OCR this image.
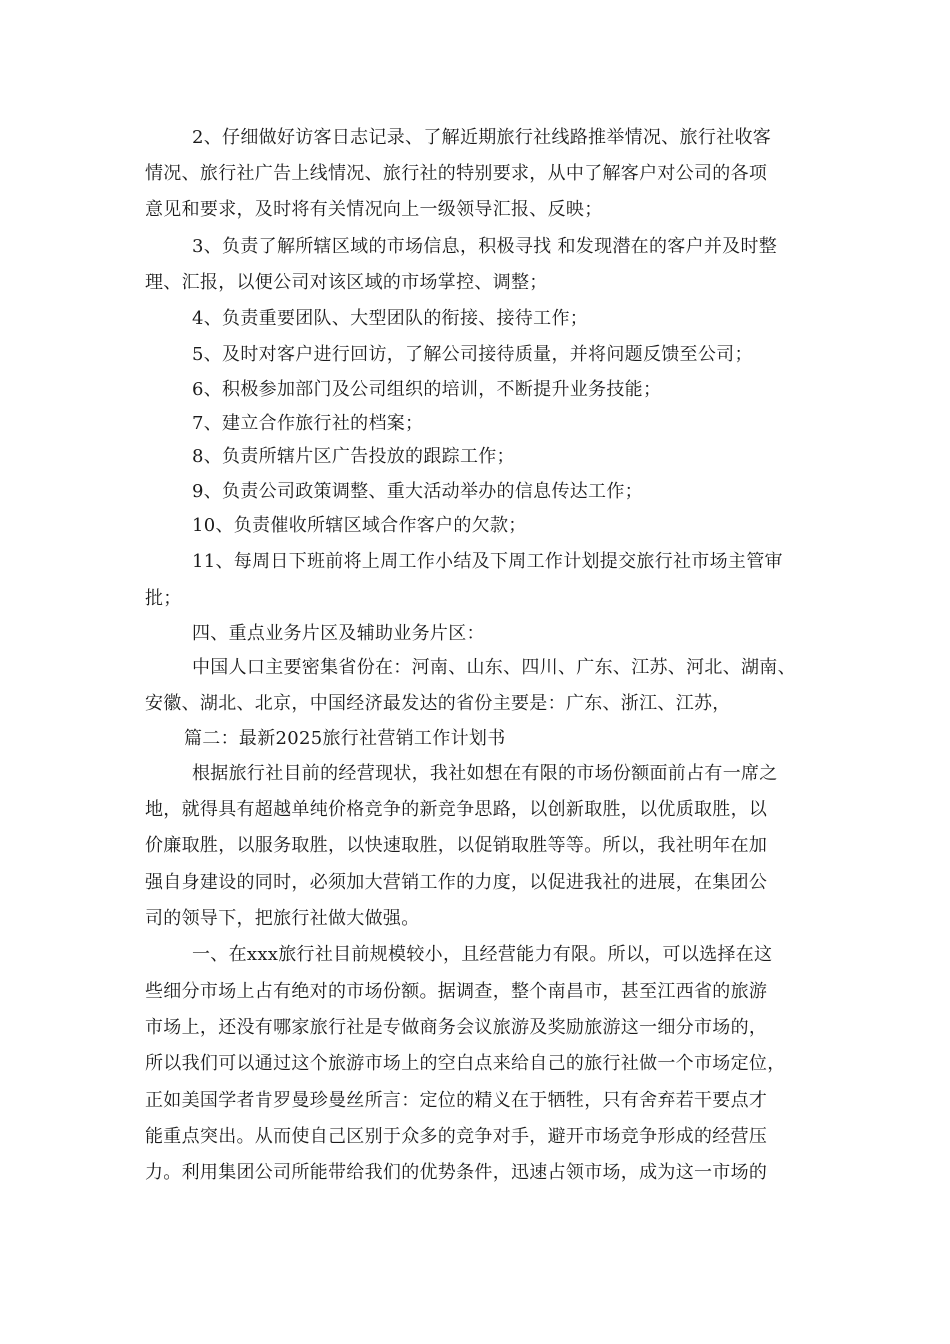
2、仔细做好访客日志记录、了解近期旅行社线路推举情况、旅行社收客
情况、旅行社广告上线情况、旅行社的特别要求，从中了解客户对公司的各项
意见和要求，及时将有关情况向上一级领导汇报、反映；
3、负责了解所辖区域的市场信息，积极寻找 和发现潜在的客户并及时整
理、汇报，以便公司对该区域的市场掌控、调整；
4、负责重要团队、大型团队的衔接、接待工作；
5、及时对客户进行回访，了解公司接待质量，并将问题反馈至公司；
6、积极参加部门及公司组织的培训，不断提升业务技能；
7、建立合作旅行社的档案；
8、负责所辖片区广告投放的跟踪工作；
9、负责公司政策调整、重大活动举办的信息传达工作；
10、负责催收所辖区域合作客户的欠款；
11、每周日下班前将上周工作小结及下周工作计划提交旅行社市场主管审
批；
四、重点业务片区及辅助业务片区：
中国人口主要密集省份在：河南、山东、四川、广东、江苏、河北、湖南、
安徽、湖北、北京，中国经济最发达的省份主要是：广东、浙江、江苏，
篇二：最新2025旅行社营销工作计划书
根据旅行社目前的经营现状，我社如想在有限的市场份额面前占有一席之
地，就得具有超越单纯价格竞争的新竞争思路，以创新取胜，以优质取胜，以
价廉取胜，以服务取胜，以快速取胜，以促销取胜等等。所以，我社明年在加
强自身建设的同时，必须加大营销工作的力度，以促进我社的进展，在集团公
司的领导下，把旅行社做大做强。
一、在xxx旅行社目前规模较小，且经营能力有限。所以，可以选择在这
些细分市场上占有绝对的市场份额。据调查，整个南昌市，甚至江西省的旅游
市场上，还没有哪家旅行社是专做商务会议旅游及奖励旅游这一细分市场的，
所以我们可以通过这个旅游市场上的空白点来给自己的旅行社做一个市场定位，
正如美国学者肯罗曼珍曼丝所言：定位的精义在于牺牲，只有舍弃若干要点才
能重点突出。从而使自己区别于众多的竞争对手，避开市场竞争形成的经营压
力。利用集团公司所能带给我们的优势条件，迅速占领市场，成为这一市场的
